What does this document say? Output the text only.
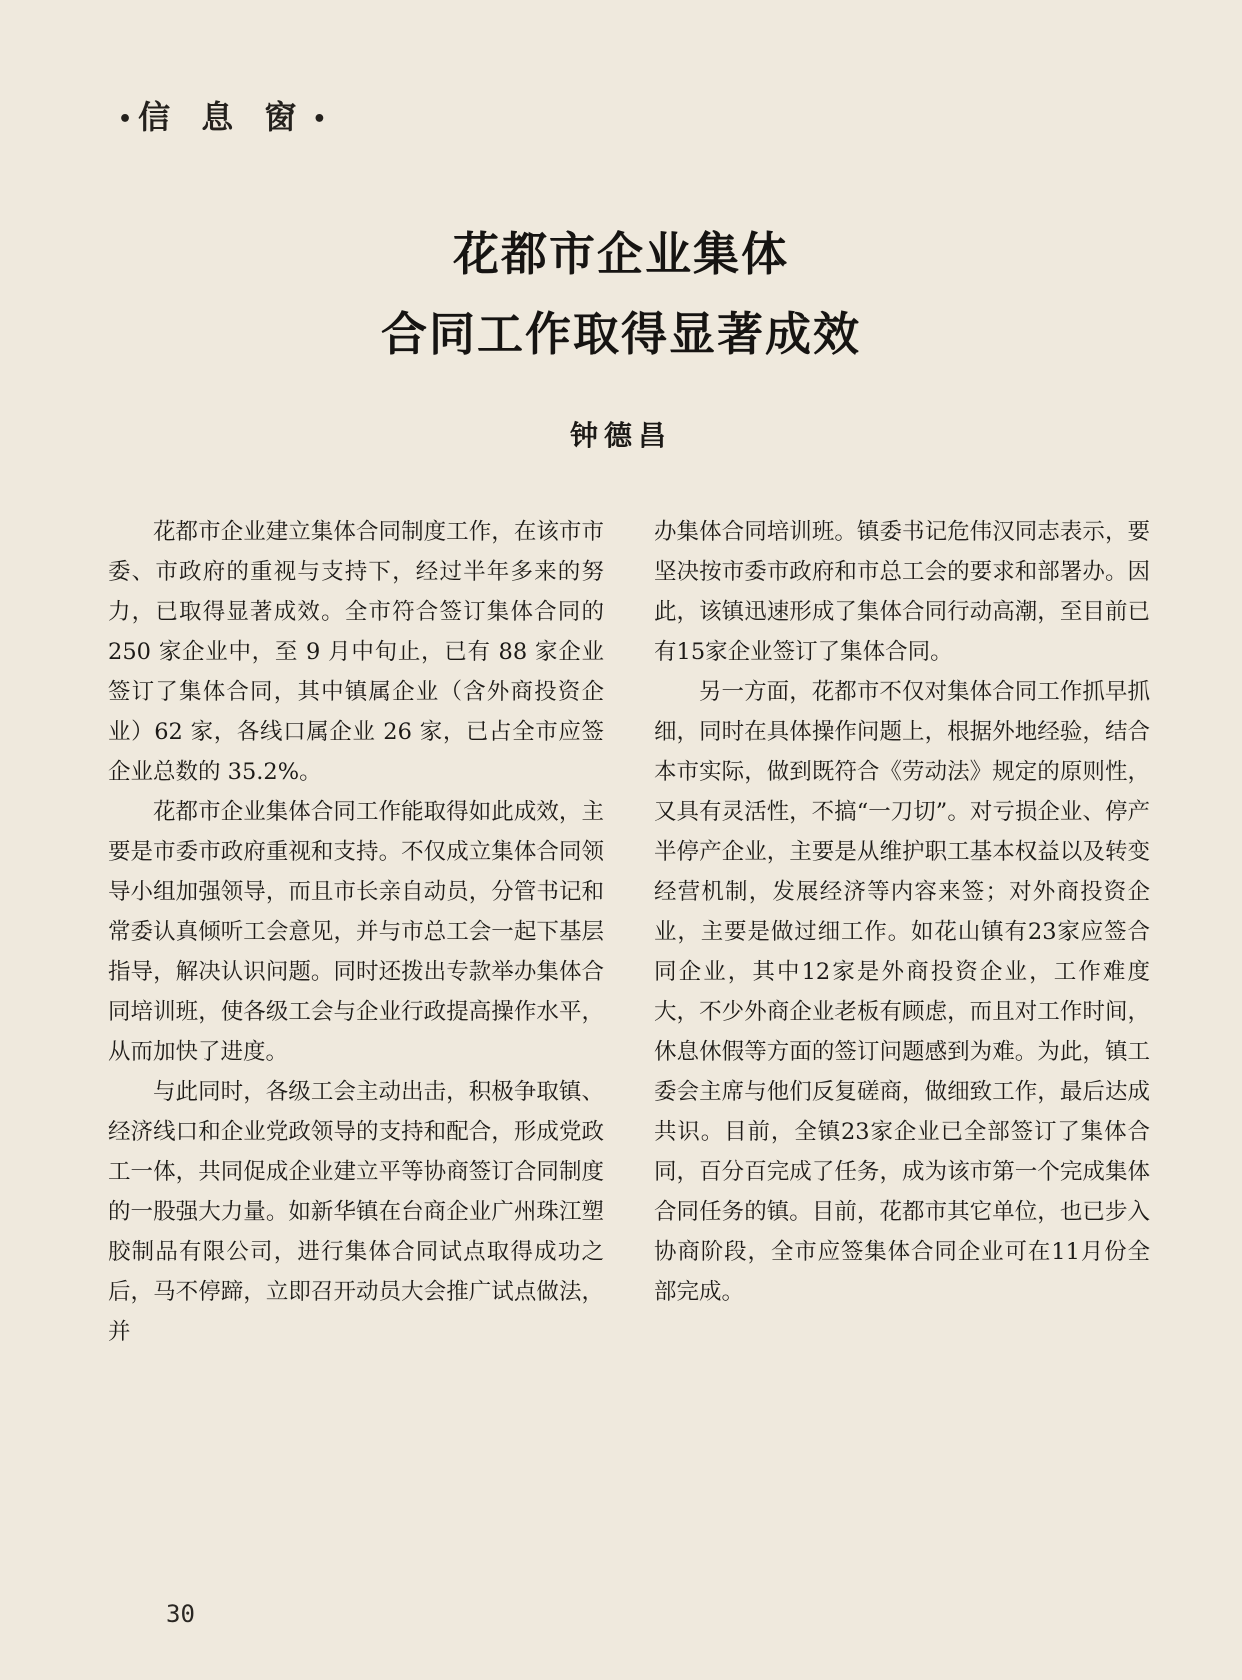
• 信 息 窗 •
花都市企业集体
合同工作取得显著成效
钟德昌

花都市企业建立集体合同制度工作，在该市市委、市政府的重视与支持下，经过半年多来的努力，已取得显著成效。全市符合签订集体合同的 250 家企业中，至 9 月中旬止，已有 88 家企业签订了集体合同，其中镇属企业（含外商投资企业）62 家，各线口属企业 26 家，已占全市应签企业总数的 35.2%。

花都市企业集体合同工作能取得如此成效，主要是市委市政府重视和支持。不仅成立集体合同领导小组加强领导，而且市长亲自动员，分管书记和常委认真倾听工会意见，并与市总工会一起下基层指导，解决认识问题。同时还拨出专款举办集体合同培训班，使各级工会与企业行政提高操作水平，从而加快了进度。

与此同时，各级工会主动出击，积极争取镇、经济线口和企业党政领导的支持和配合，形成党政工一体，共同促成企业建立平等协商签订合同制度的一股强大力量。如新华镇在台商企业广州珠江塑胶制品有限公司，进行集体合同试点取得成功之后，马不停蹄，立即召开动员大会推广试点做法，并

办集体合同培训班。镇委书记危伟汉同志表示，要坚决按市委市政府和市总工会的要求和部署办。因此，该镇迅速形成了集体合同行动高潮，至目前已有15家企业签订了集体合同。

另一方面，花都市不仅对集体合同工作抓早抓细，同时在具体操作问题上，根据外地经验，结合本市实际，做到既符合《劳动法》规定的原则性，又具有灵活性，不搞“一刀切”。对亏损企业、停产半停产企业，主要是从维护职工基本权益以及转变经营机制，发展经济等内容来签；对外商投资企业，主要是做过细工作。如花山镇有23家应签合同企业，其中12家是外商投资企业，工作难度大，不少外商企业老板有顾虑，而且对工作时间，休息休假等方面的签订问题感到为难。为此，镇工委会主席与他们反复磋商，做细致工作，最后达成共识。目前，全镇23家企业已全部签订了集体合同，百分百完成了任务，成为该市第一个完成集体合同任务的镇。目前，花都市其它单位，也已步入协商阶段，全市应签集体合同企业可在11月份全部完成。

30
